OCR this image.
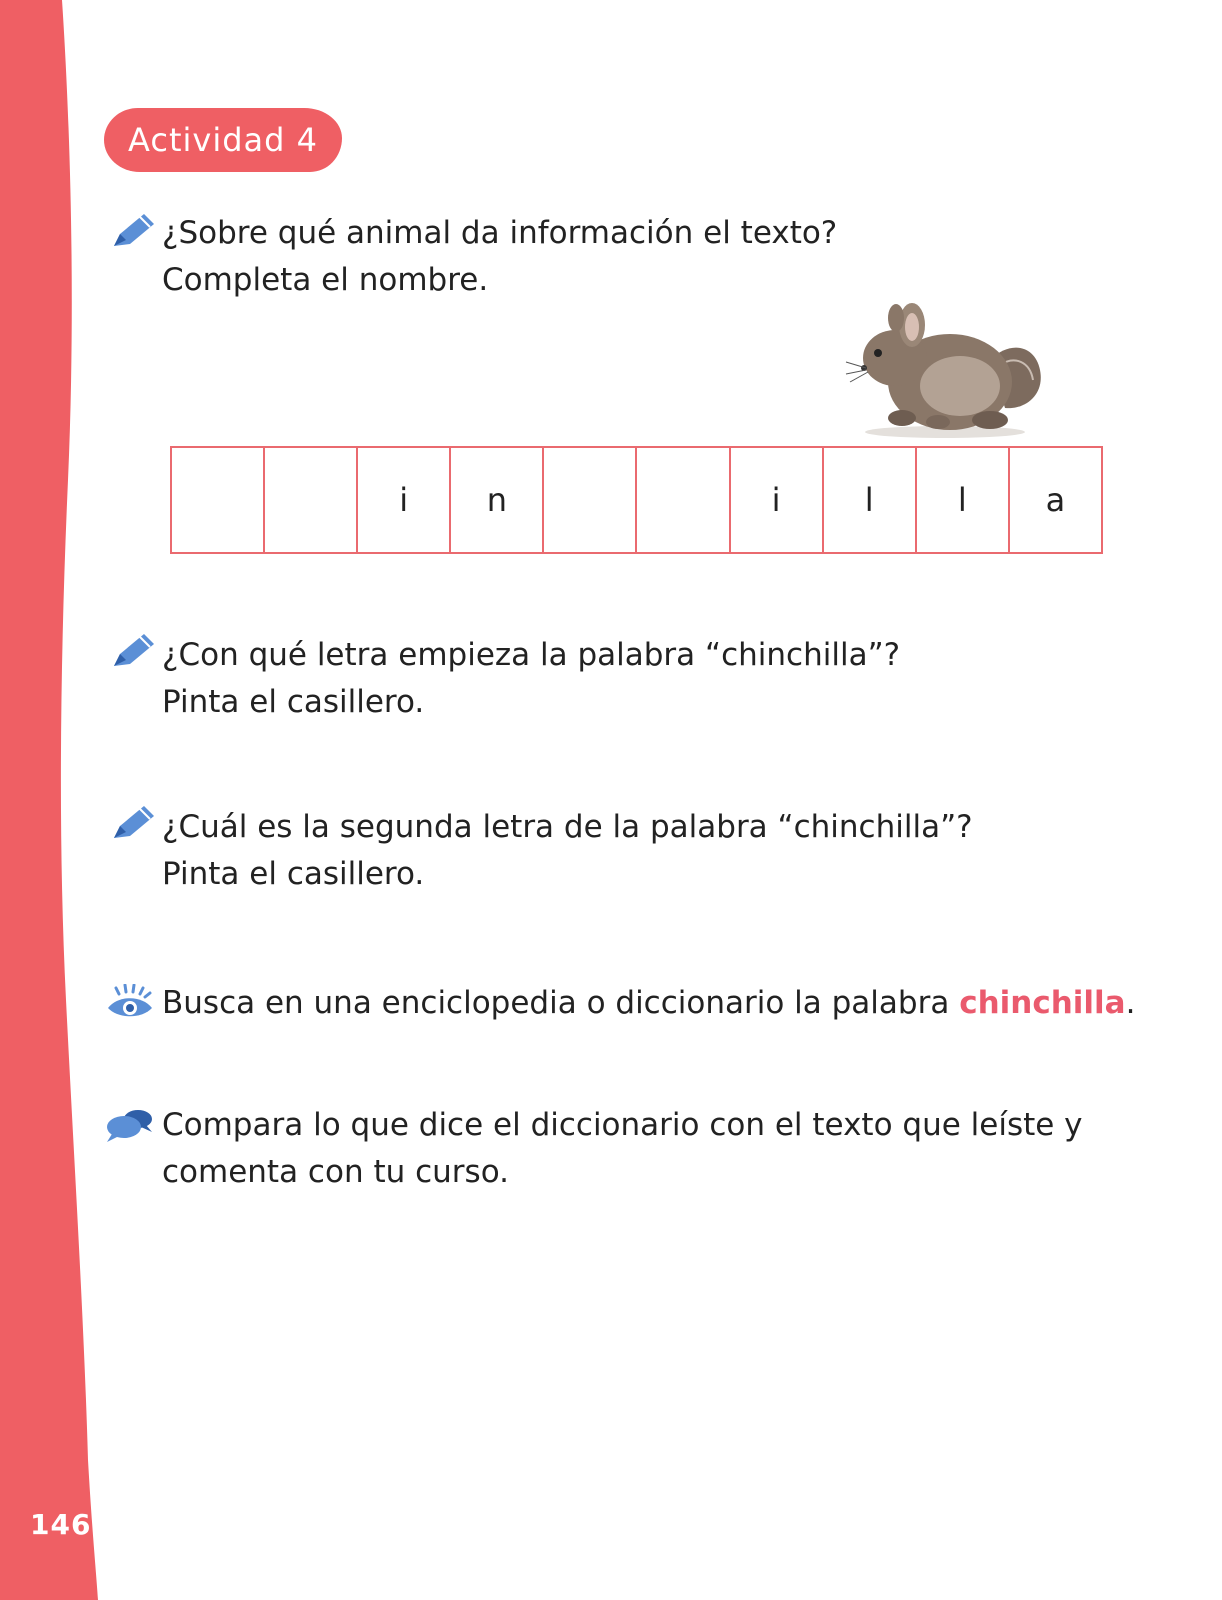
146

Actividad 4

¿Sobre qué animal da información el texto?
Completa el nombre.

i	n	i	l	l	a

¿Con qué letra empieza la palabra “chinchilla”?
Pinta el casillero.

¿Cuál es la segunda letra de la palabra “chinchilla”?
Pinta el casillero.

Busca en una enciclopedia o diccionario la palabra chinchilla.

Compara lo que dice el diccionario con el texto que leíste y
comenta con tu curso.
